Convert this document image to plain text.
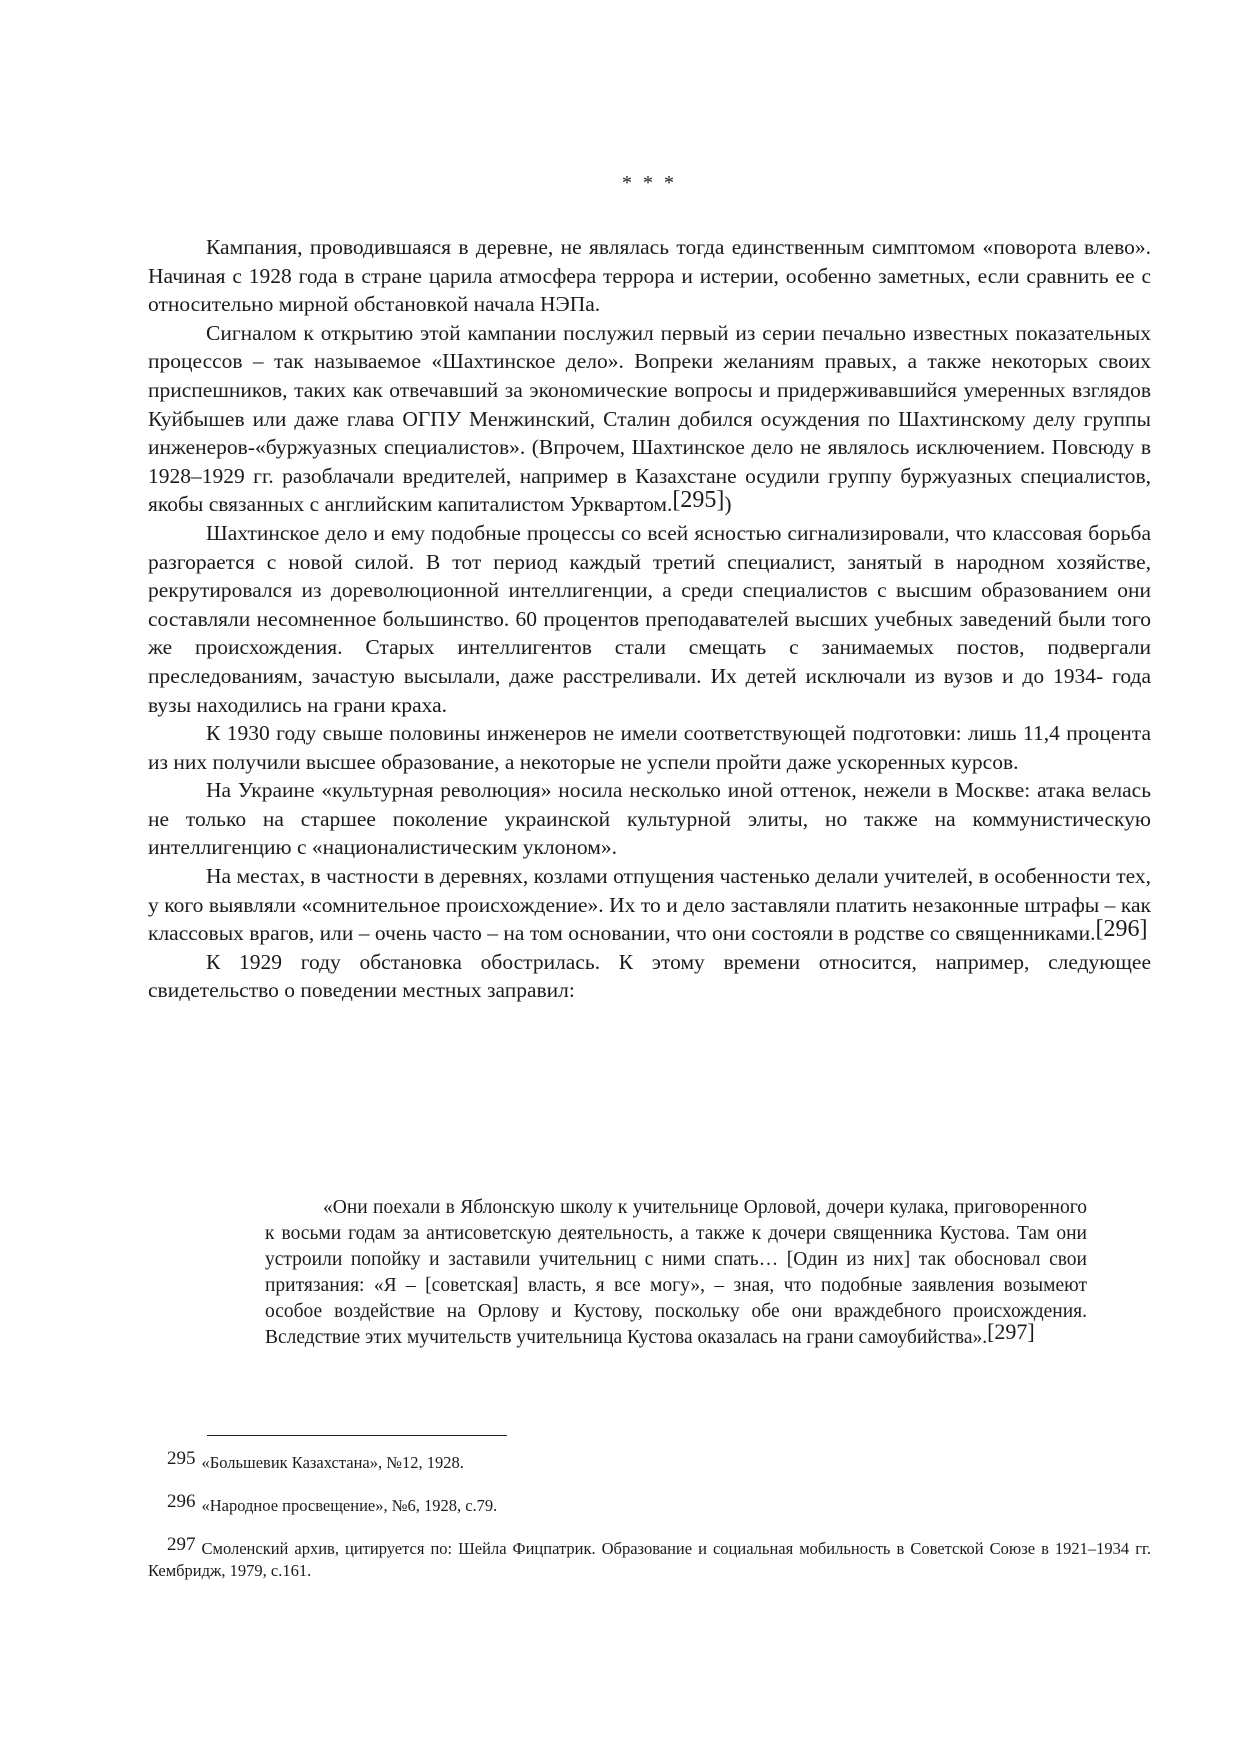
* * *

Кампания, проводившаяся в деревне, не являлась тогда единственным симптомом «поворота влево». Начиная с 1928 года в стране царила атмосфера террора и истерии, особенно заметных, если сравнить ее с относительно мирной обстановкой начала НЭПа.

Сигналом к открытию этой кампании послужил первый из серии печально известных показательных процессов – так называемое «Шахтинское дело». Вопреки желаниям правых, а также некоторых своих приспешников, таких как отвечавший за экономические вопросы и придерживавшийся умеренных взглядов Куйбышев или даже глава ОГПУ Менжинский, Сталин добился осуждения по Шахтинскому делу группы инженеров-«буржуазных специалистов». (Впрочем, Шахтинское дело не являлось исключением. Повсюду в 1928–1929 гг. разоблачали вредителей, например в Казахстане осудили группу буржуазных специалистов, якобы связанных с английским капиталистом Урквартом.[295])

Шахтинское дело и ему подобные процессы со всей ясностью сигнализировали, что классовая борьба разгорается с новой силой. В тот период каждый третий специалист, занятый в народном хозяйстве, рекрутировался из дореволюционной интеллигенции, а среди специалистов с высшим образованием они составляли несомненное большинство. 60 процентов преподавателей высших учебных заведений были того же происхождения. Старых интеллигентов стали смещать с занимаемых постов, подвергали преследованиям, зачастую высылали, даже расстреливали. Их детей исключали из вузов и до 1934- года вузы находились на грани краха.

К 1930 году свыше половины инженеров не имели соответствующей подготовки: лишь 11,4 процента из них получили высшее образование, а некоторые не успели пройти даже ускоренных курсов.

На Украине «культурная революция» носила несколько иной оттенок, нежели в Москве: атака велась не только на старшее поколение украинской культурной элиты, но также на коммунистическую интеллигенцию с «националистическим уклоном».

На местах, в частности в деревнях, козлами отпущения частенько делали учителей, в особенности тех, у кого выявляли «сомнительное происхождение». Их то и дело заставляли платить незаконные штрафы – как классовых врагов, или – очень часто – на том основании, что они состояли в родстве со священниками.[296]

К 1929 году обстановка обострилась. К этому времени относится, например, следующее свидетельство о поведении местных заправил:

«Они поехали в Яблонскую школу к учительнице Орловой, дочери кулака, приговоренного к восьми годам за антисоветскую деятельность, а также к дочери священника Кустова. Там они устроили попойку и заставили учительниц с ними спать… [Один из них] так обосновал свои притязания: «Я – [советская] власть, я все могу», – зная, что подобные заявления возымеют особое воздействие на Орлову и Кустову, поскольку обе они враждебного происхождения. Вследствие этих мучительств учительница Кустова оказалась на грани самоубийства».[297]

295 «Большевик Казахстана», №12, 1928.

296 «Народное просвещение», №6, 1928, с.79.

297 Смоленский архив, цитируется по: Шейла Фицпатрик. Образование и социальная мобильность в Советской Союзе в 1921–1934 гг. Кембридж, 1979, с.161.
